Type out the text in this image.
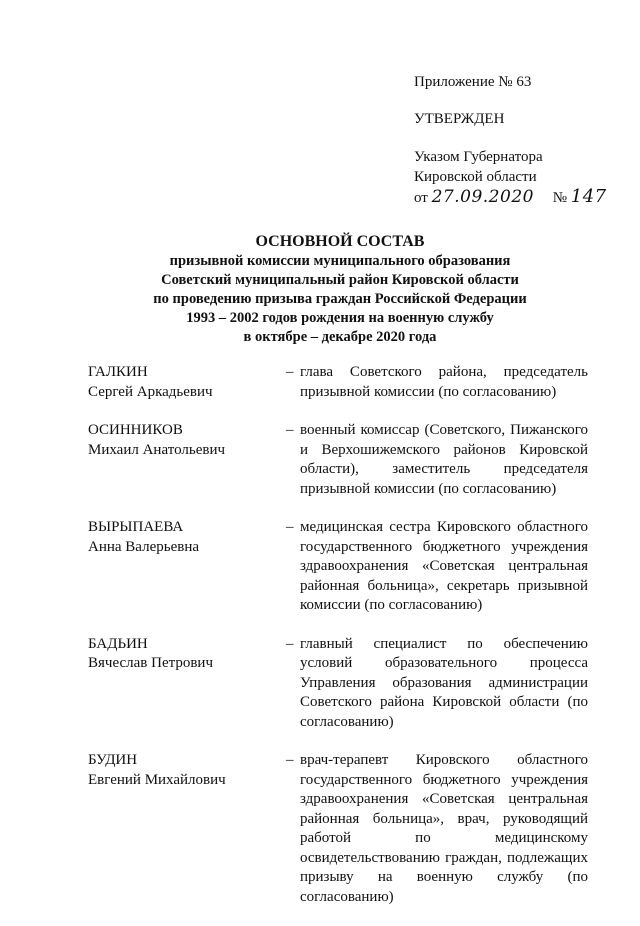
Приложение № 63
УТВЕРЖДЕН
Указом Губернатора
Кировской области
от 27.09.2020 № 147
ОСНОВНОЙ СОСТАВ
призывной комиссии муниципального образования
Советский муниципальный район Кировской области
по проведению призыва граждан Российской Федерации
1993 – 2002 годов рождения на военную службу
в октябре – декабре 2020 года
ГАЛКИН
Сергей Аркадьевич
– глава Советского района, председатель призывной комиссии (по согласованию)
ОСИННИКОВ
Михаил Анатольевич
– военный комиссар (Советского, Пижанского и Верхошижемского районов Кировской области), заместитель председателя призывной комиссии (по согласованию)
ВЫРЫПАЕВА
Анна Валерьевна
– медицинская сестра Кировского областного государственного бюджетного учреждения здравоохранения «Советская центральная районная больница», секретарь призывной комиссии (по согласованию)
БАДЬИН
Вячеслав Петрович
– главный специалист по обеспечению условий образовательного процесса Управления образования администрации Советского района Кировской области (по согласованию)
БУДИН
Евгений Михайлович
– врач-терапевт Кировского областного государственного бюджетного учреждения здравоохранения «Советская центральная районная больница», врач, руководящий работой по медицинскому освидетельствованию граждан, подлежащих призыву на военную службу (по согласованию)
